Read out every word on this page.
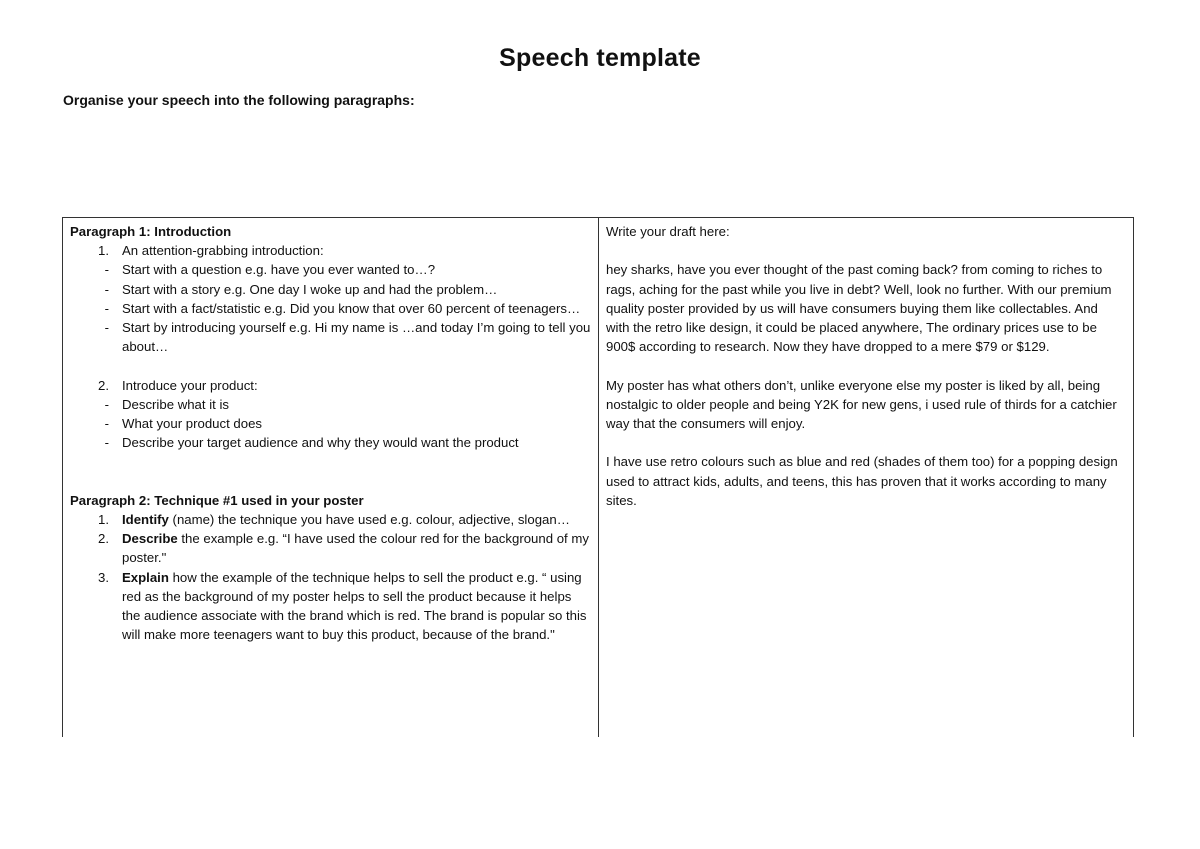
Speech template
Organise your speech into the following paragraphs:
Paragraph 1: Introduction
1. An attention-grabbing introduction:
- Start with a question e.g. have you ever wanted to…?
- Start with a story e.g. One day I woke up and had the problem…
- Start with a fact/statistic e.g. Did you know that over 60 percent of teenagers…
- Start by introducing yourself e.g. Hi my name is …and today I’m going to tell you about…
2. Introduce your product:
- Describe what it is
- What your product does
- Describe your target audience and why they would want the product
Paragraph 2: Technique #1 used in your poster
1. Identify (name) the technique you have used e.g. colour, adjective, slogan…
2. Describe the example e.g. “I have used the colour red for the background of my poster."
3. Explain how the example of the technique helps to sell the product e.g. “ using red as the background of my poster helps to sell the product because it helps the audience associate with the brand which is red. The brand is popular so this will make more teenagers want to buy this product, because of the brand."

Write your draft here:

hey sharks, have you ever thought of the past coming back? from coming to riches to rags, aching for the past while you live in debt? Well, look no further. With our premium quality poster provided by us will have consumers buying them like collectables. And with the retro like design, it could be placed anywhere, The ordinary prices use to be 900$ according to research. Now they have dropped to a mere $79 or $129.

My poster has what others don’t, unlike everyone else my poster is liked by all, being nostalgic to older people and being Y2K for new gens, i used rule of thirds for a catchier way that the consumers will enjoy.

I have use retro colours such as blue and red (shades of them too) for a popping design used to attract kids, adults, and teens, this has proven that it works according to many sites.
